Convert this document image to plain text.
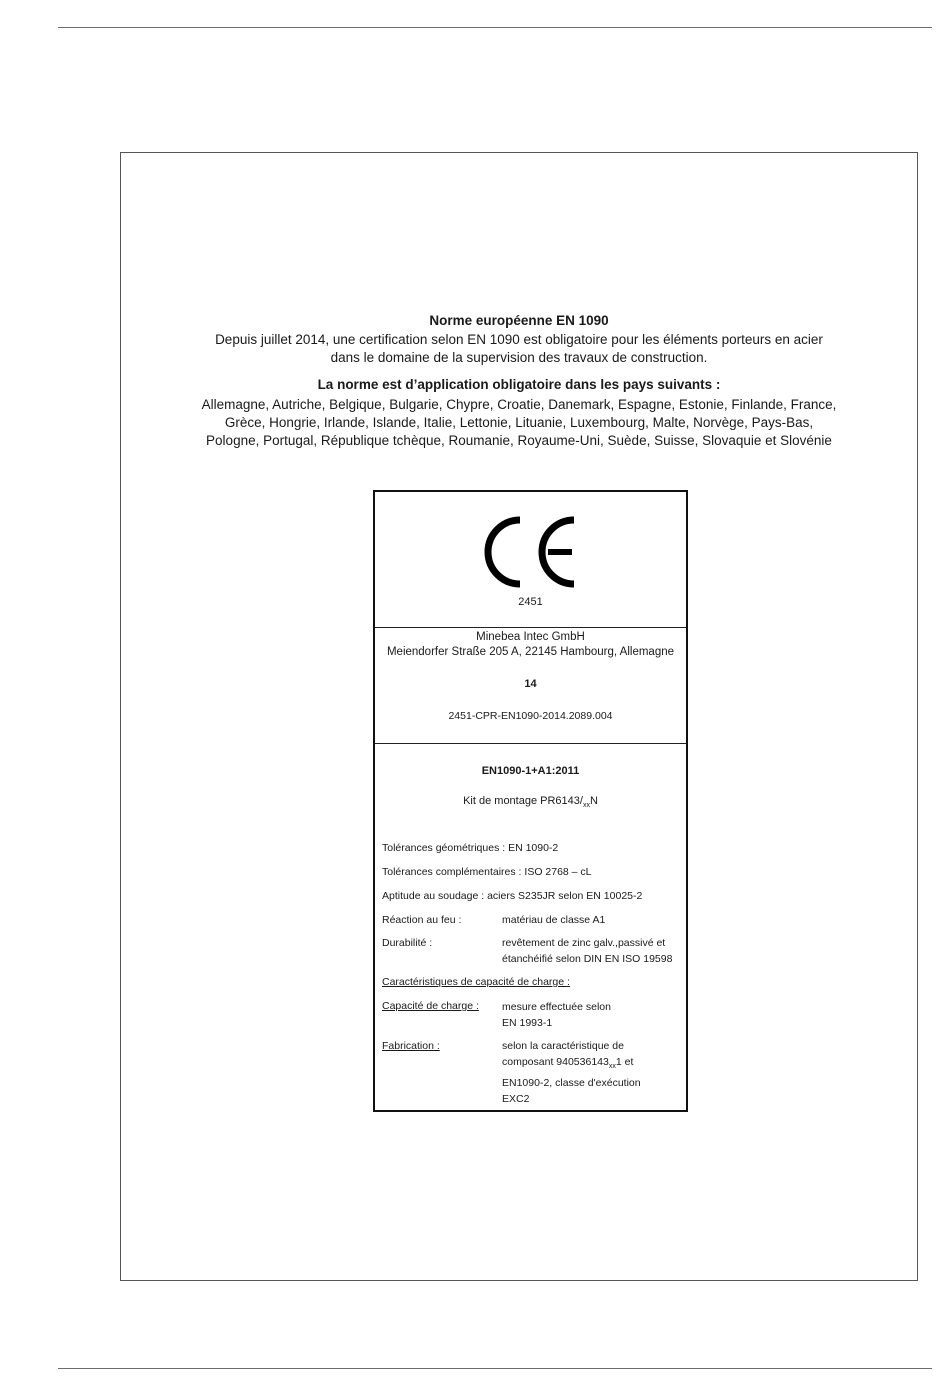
Norme européenne EN 1090
Depuis juillet 2014, une certification selon EN 1090 est obligatoire pour les éléments porteurs en acier
dans le domaine de la supervision des travaux de construction.
La norme est d’application obligatoire dans les pays suivants :
Allemagne, Autriche, Belgique, Bulgarie, Chypre, Croatie, Danemark, Espagne, Estonie, Finlande, France,
Grèce, Hongrie, Irlande, Islande, Italie, Lettonie, Lituanie, Luxembourg, Malte, Norvège, Pays-Bas,
Pologne, Portugal, République tchèque, Roumanie, Royaume-Uni, Suède, Suisse, Slovaquie et Slovénie
2451
Minebea Intec GmbH
Meiendorfer Straße 205 A, 22145 Hambourg, Allemagne
14
2451-CPR-EN1090-2014.2089.004
EN1090-1+A1:2011
Kit de montage $PR6143/_{xx}N$
Tolérances géométriques : EN 1090-2
Tolérances complémentaires : ISO 2768 – cL
Aptitude au soudage : aciers S235JR selon EN 10025-2
Réaction au feu :	matériau de classe A1
Durabilité :	revêtement de zinc galv.,passivé et
étanchéifié selon DIN EN ISO 19598
Caractéristiques de capacité de charge :
Capacité de charge : mesure effectuée selon
EN 1993-1
Fabrication :	selon la caractéristique de
composant $940536143_{xx}1$ et
EN1090-2, classe d'exécution
EXC2
